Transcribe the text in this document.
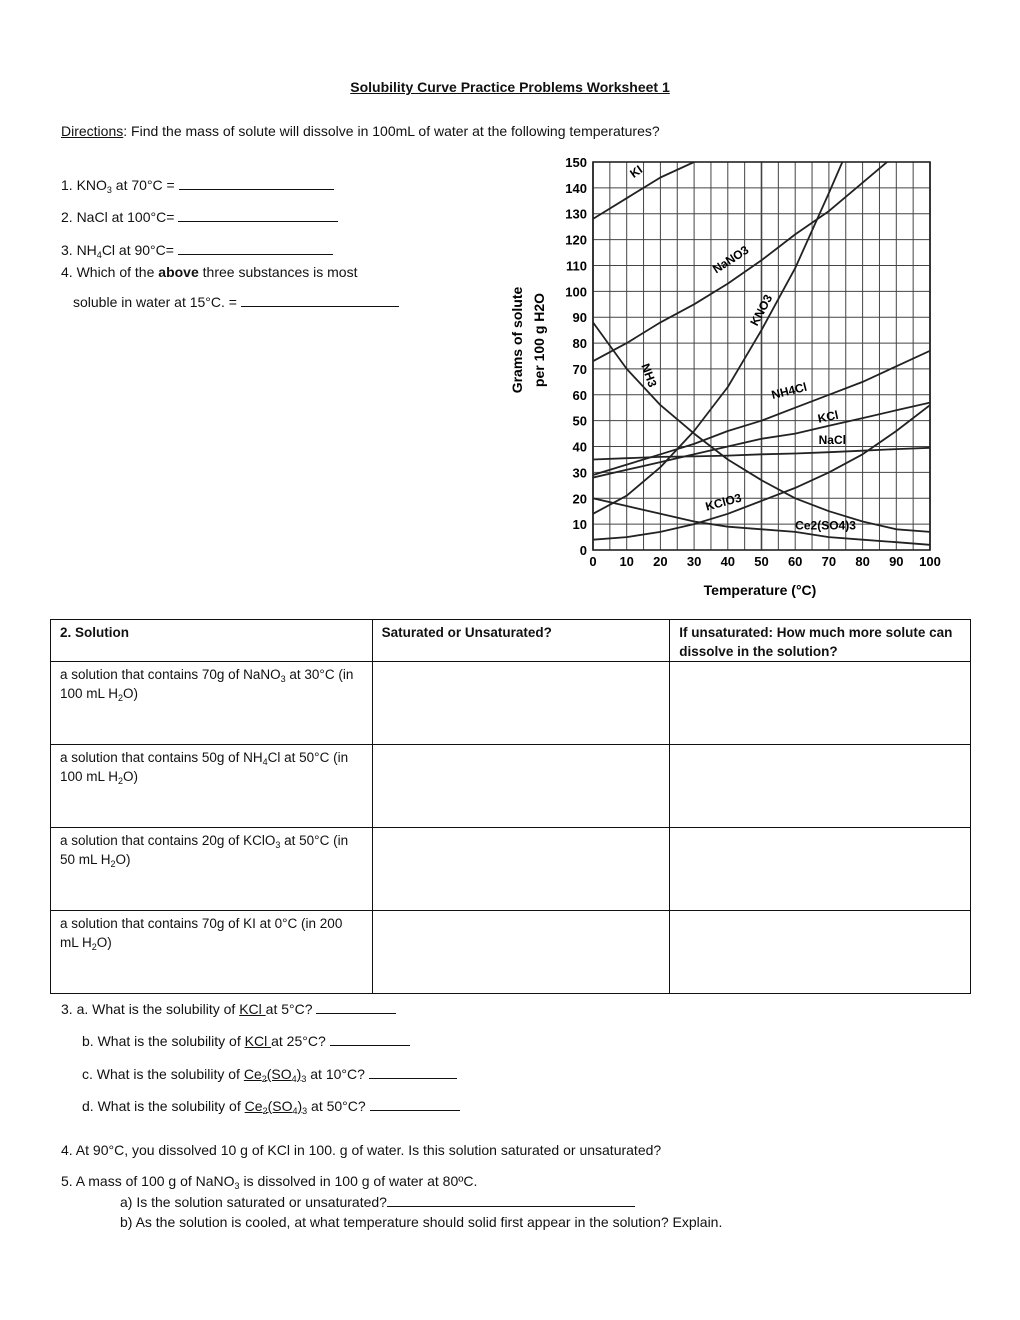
Solubility Curve Practice Problems Worksheet 1
Directions: Find the mass of solute will dissolve in 100mL of water at the following temperatures?
1. $KNO_3$ at 70°C =
2. NaCl at 100°C=
3. $NH_4Cl$ at 90°C=
4. Which of the above three substances is most
soluble in water at 15°C. =
0 10 20 30 40 50 60 70 80 90 100
0
10
20
30
40
50
60
70
80
90
100
110
120
130
140
150	KI
NaNO3
KNO3
NH3
NH4Cl
KCl
NaCl
KClO3
Ce2(SO4)3
Grams of solute per 100 g H2O
Temperature (°C)
2. Solution	Saturated or Unsaturated?	If unsaturated: How much more solute can dissolve in the solution?
a solution that contains 70g of NaNO$_3$ at 30°C (in 100 mL $H_2O$)		
a solution that contains 50g of $NH_4Cl$ at 50°C (in 100 mL $H_2O$)		
a solution that contains 20g of KClO$_3$ at 50°C (in 50 mL $H_2O$)		
a solution that contains 70g of KI at 0°C (in 200 mL $H_2O$)		
3. a. What is the solubility of KCl at 5°C?
b. What is the solubility of KCl at 25°C?
c. What is the solubility of $Ce_2(SO_4)_3$ at 10°C?
d. What is the solubility of $Ce_2(SO_4)_3$ at 50°C?
4. At 90°C, you dissolved 10 g of KCl in 100. g of water. Is this solution saturated or unsaturated?
5. A mass of 100 g of NaNO$_3$ is dissolved in 100 g of water at 80ºC.
a) Is the solution saturated or unsaturated?
b) As the solution is cooled, at what temperature should solid first appear in the solution? Explain.
